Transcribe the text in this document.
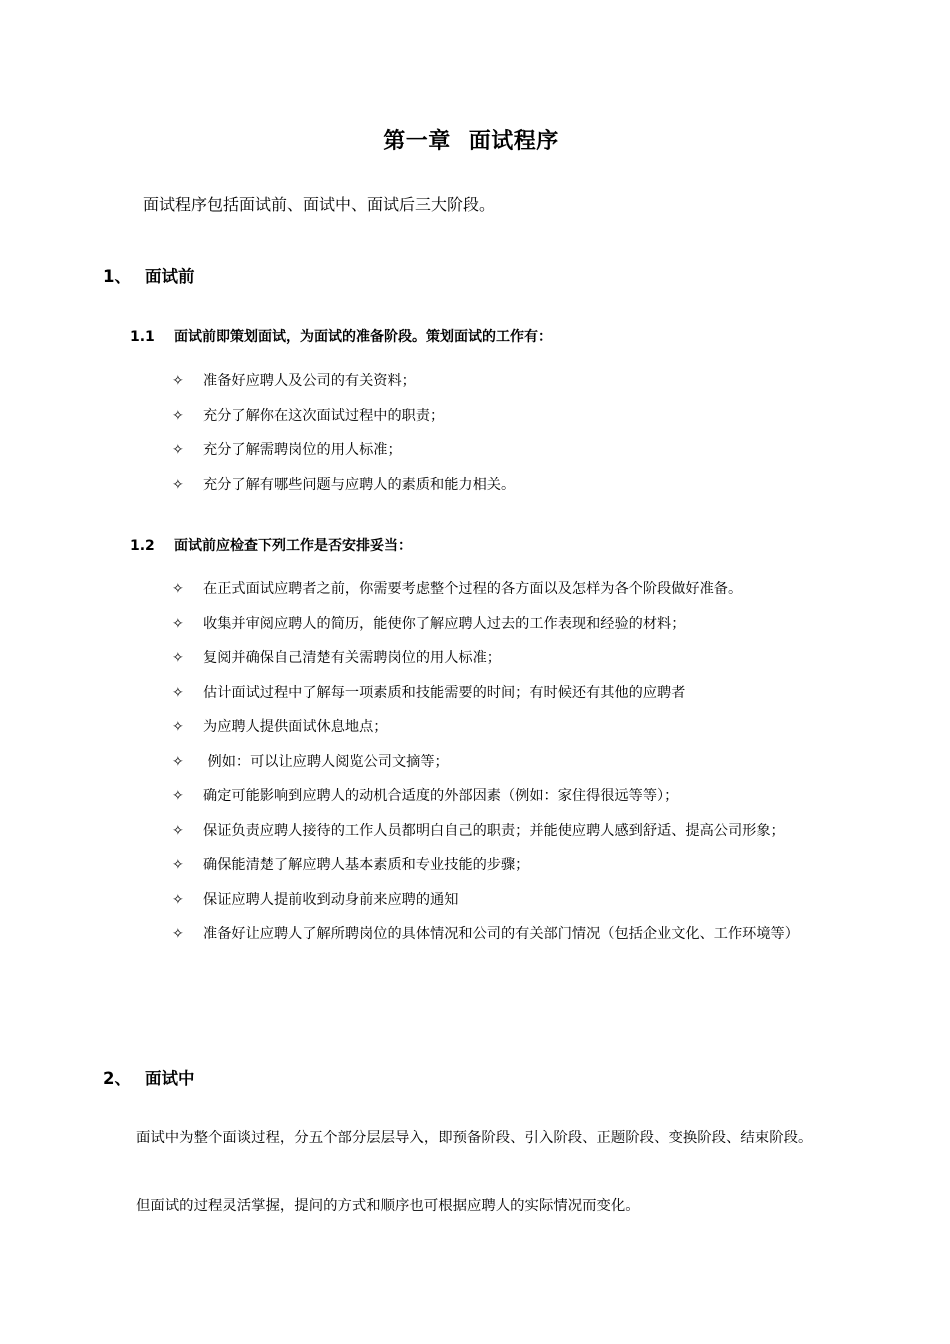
第一章 面试程序
面试程序包括面试前、面试中、面试后三大阶段。
1、 面试前
1.1 面试前即策划面试，为面试的准备阶段。策划面试的工作有：
✧ 准备好应聘人及公司的有关资料；
✧ 充分了解你在这次面试过程中的职责；
✧ 充分了解需聘岗位的用人标准；
✧ 充分了解有哪些问题与应聘人的素质和能力相关。
1.2 面试前应检查下列工作是否安排妥当：
✧ 在正式面试应聘者之前，你需要考虑整个过程的各方面以及怎样为各个阶段做好准备。
✧ 收集并审阅应聘人的简历，能使你了解应聘人过去的工作表现和经验的材料；
✧ 复阅并确保自己清楚有关需聘岗位的用人标准；
✧ 估计面试过程中了解每一项素质和技能需要的时间；有时候还有其他的应聘者
✧ 为应聘人提供面试休息地点；
✧ 例如：可以让应聘人阅览公司文摘等；
✧ 确定可能影响到应聘人的动机合适度的外部因素（例如：家住得很远等等）；
✧ 保证负责应聘人接待的工作人员都明白自己的职责；并能使应聘人感到舒适、提高公司形象；
✧ 确保能清楚了解应聘人基本素质和专业技能的步骤；
✧ 保证应聘人提前收到动身前来应聘的通知
✧ 准备好让应聘人了解所聘岗位的具体情况和公司的有关部门情况（包括企业文化、工作环境等）
2、 面试中
面试中为整个面谈过程，分五个部分层层导入，即预备阶段、引入阶段、正题阶段、变换阶段、结束阶段。
但面试的过程灵活掌握，提问的方式和顺序也可根据应聘人的实际情况而变化。
